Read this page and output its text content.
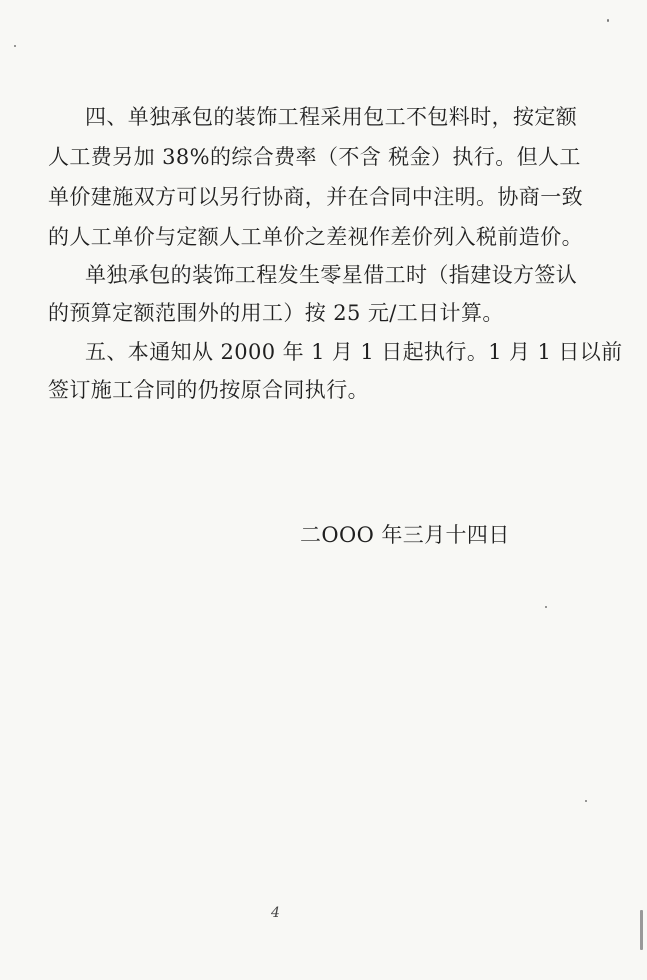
四、单独承包的装饰工程采用包工不包料时，按定额
人工费另加 38%的综合费率（不含 税金）执行。但人工
单价建施双方可以另行协商，并在合同中注明。协商一致
的人工单价与定额人工单价之差视作差价列入税前造价。
单独承包的装饰工程发生零星借工时（指建设方签认
的预算定额范围外的用工）按 25 元/工日计算。
五、本通知从 2000 年 1 月 1 日起执行。1 月 1 日以前
签订施工合同的仍按原合同执行。
二OOO 年三月十四日
4
